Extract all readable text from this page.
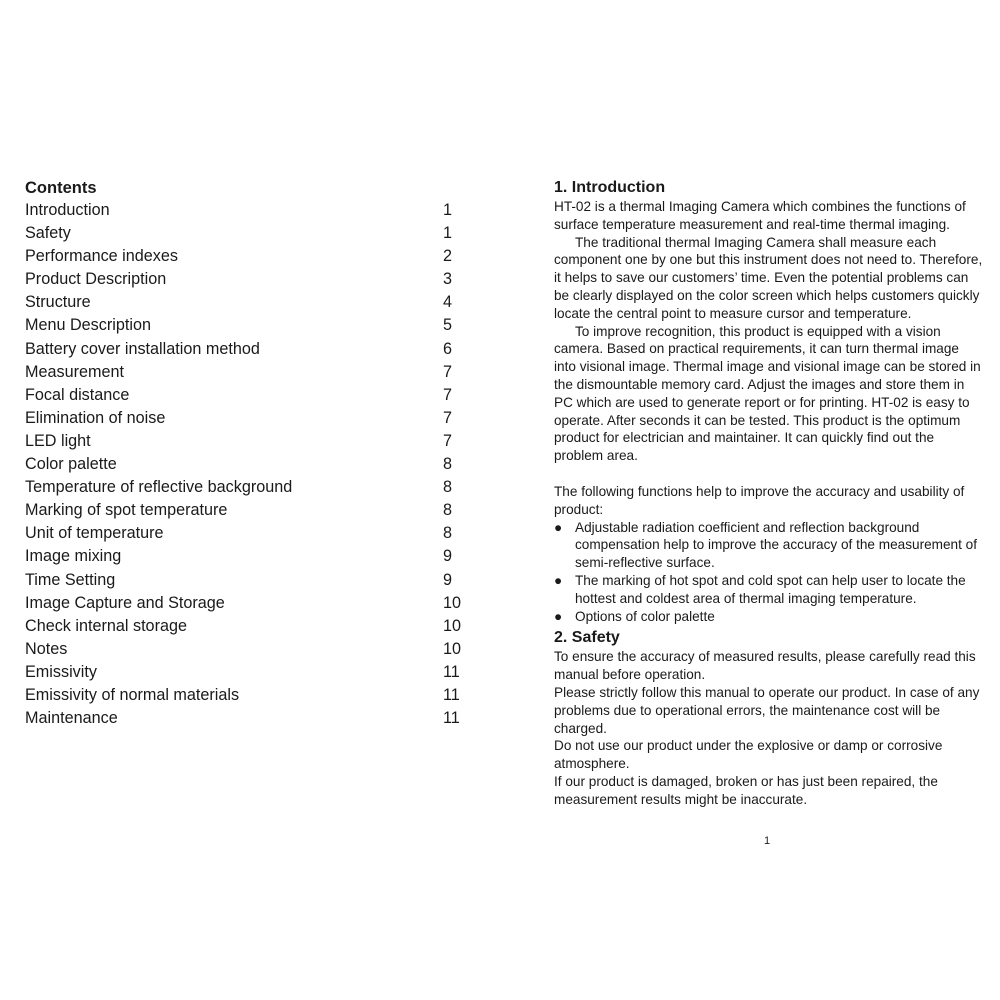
Contents
Introduction	1
Safety	1
Performance indexes	2
Product Description	3
Structure	4
Menu Description	5
Battery cover installation method	6
Measurement	7
Focal distance	7
Elimination of noise	7
LED light	7
Color palette	8
Temperature of reflective background	8
Marking of spot temperature	8
Unit of temperature	8
Image mixing	9
Time Setting	9
Image Capture and Storage	10
Check internal storage	10
Notes	10
Emissivity	11
Emissivity of normal materials	11
Maintenance	11
1. Introduction

HT-02 is a thermal Imaging Camera which combines the functions of surface temperature measurement and real-time thermal imaging.

The traditional thermal Imaging Camera shall measure each component one by one but this instrument does not need to. Therefore, it helps to save our customers’ time. Even the potential problems can be clearly displayed on the color screen which helps customers quickly locate the central point to measure cursor and temperature.

To improve recognition, this product is equipped with a vision camera. Based on practical requirements, it can turn thermal image into visional image. Thermal image and visional image can be stored in the dismountable memory card. Adjust the images and store them in PC which are used to generate report or for printing. HT-02 is easy to operate. After seconds it can be tested. This product is the optimum product for electrician and maintainer. It can quickly find out the problem area.

The following functions help to improve the accuracy and usability of product:

● Adjustable radiation coefficient and reflection background compensation help to improve the accuracy of the measurement of semi-reflective surface.
● The marking of hot spot and cold spot can help user to locate the hottest and coldest area of thermal imaging temperature.
● Options of color palette
2. Safety

To ensure the accuracy of measured results, please carefully read this manual before operation.

Please strictly follow this manual to operate our product. In case of any problems due to operational errors, the maintenance cost will be charged.

Do not use our product under the explosive or damp or corrosive atmosphere.

If our product is damaged, broken or has just been repaired, the measurement results might be inaccurate.

1
